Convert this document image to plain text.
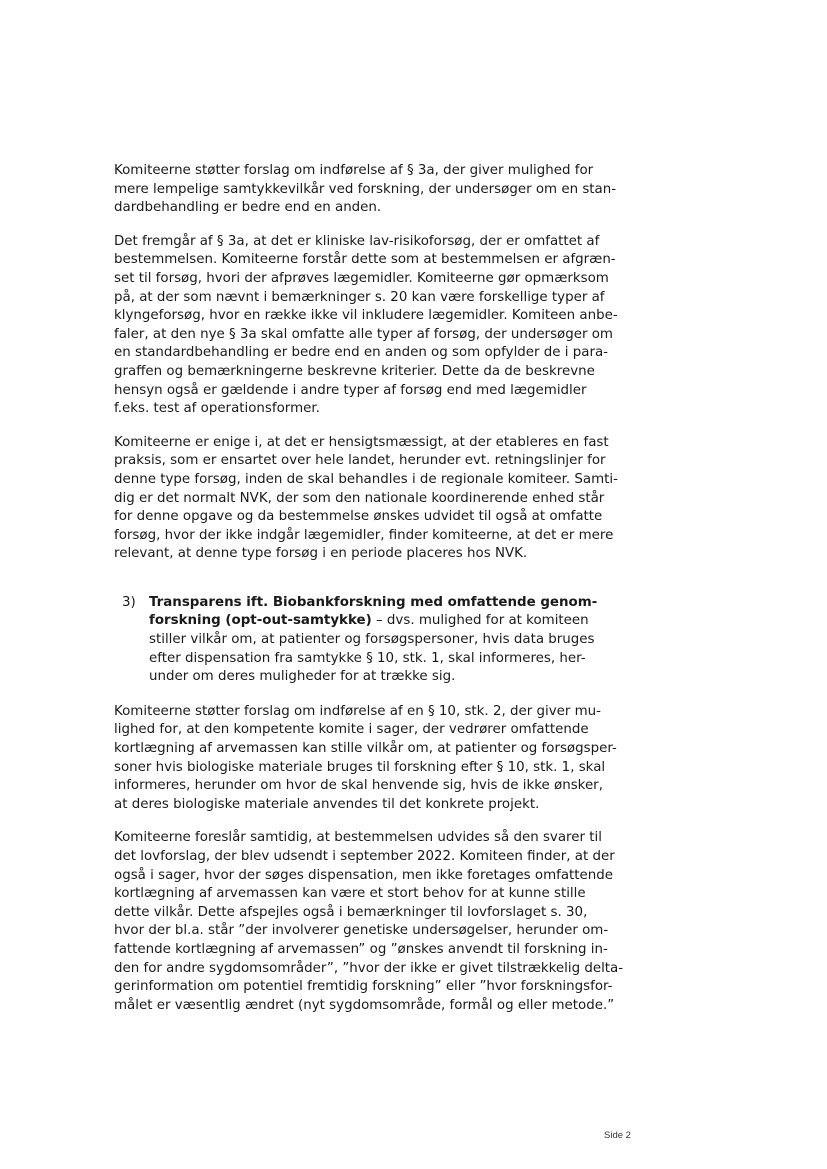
Komiteerne støtter forslag om indførelse af § 3a, der giver mulighed for
mere lempelige samtykkevilkår ved forskning, der undersøger om en stan-
dardbehandling er bedre end en anden.

Det fremgår af § 3a, at det er kliniske lav-risikoforsøg, der er omfattet af
bestemmelsen. Komiteerne forstår dette som at bestemmelsen er afgræn-
set til forsøg, hvori der afprøves lægemidler. Komiteerne gør opmærksom
på, at der som nævnt i bemærkninger s. 20 kan være forskellige typer af
klyngeforsøg, hvor en række ikke vil inkludere lægemidler. Komiteen anbe-
faler, at den nye § 3a skal omfatte alle typer af forsøg, der undersøger om
en standardbehandling er bedre end en anden og som opfylder de i para-
graffen og bemærkningerne beskrevne kriterier. Dette da de beskrevne
hensyn også er gældende i andre typer af forsøg end med lægemidler
f.eks. test af operationsformer.

Komiteerne er enige i, at det er hensigtsmæssigt, at der etableres en fast
praksis, som er ensartet over hele landet, herunder evt. retningslinjer for
denne type forsøg, inden de skal behandles i de regionale komiteer. Samti-
dig er det normalt NVK, der som den nationale koordinerende enhed står
for denne opgave og da bestemmelse ønskes udvidet til også at omfatte
forsøg, hvor der ikke indgår lægemidler, finder komiteerne, at det er mere
relevant, at denne type forsøg i en periode placeres hos NVK.

3) Transparens ift. Biobankforskning med omfattende genom-
forskning (opt-out-samtykke) – dvs. mulighed for at komiteen
stiller vilkår om, at patienter og forsøgspersoner, hvis data bruges
efter dispensation fra samtykke § 10, stk. 1, skal informeres, her-
under om deres muligheder for at trække sig.

Komiteerne støtter forslag om indførelse af en § 10, stk. 2, der giver mu-
lighed for, at den kompetente komite i sager, der vedrører omfattende
kortlægning af arvemassen kan stille vilkår om, at patienter og forsøgsper-
soner hvis biologiske materiale bruges til forskning efter § 10, stk. 1, skal
informeres, herunder om hvor de skal henvende sig, hvis de ikke ønsker,
at deres biologiske materiale anvendes til det konkrete projekt.

Komiteerne foreslår samtidig, at bestemmelsen udvides så den svarer til
det lovforslag, der blev udsendt i september 2022. Komiteen finder, at der
også i sager, hvor der søges dispensation, men ikke foretages omfattende
kortlægning af arvemassen kan være et stort behov for at kunne stille
dette vilkår. Dette afspejles også i bemærkninger til lovforslaget s. 30,
hvor der bl.a. står ”der involverer genetiske undersøgelser, herunder om-
fattende kortlægning af arvemassen” og ”ønskes anvendt til forskning in-
den for andre sygdomsområder”, ”hvor der ikke er givet tilstrækkelig delta-
gerinformation om potentiel fremtidig forskning” eller ”hvor forskningsfor-
målet er væsentlig ændret (nyt sygdomsområde, formål og eller metode.”

Side 2
